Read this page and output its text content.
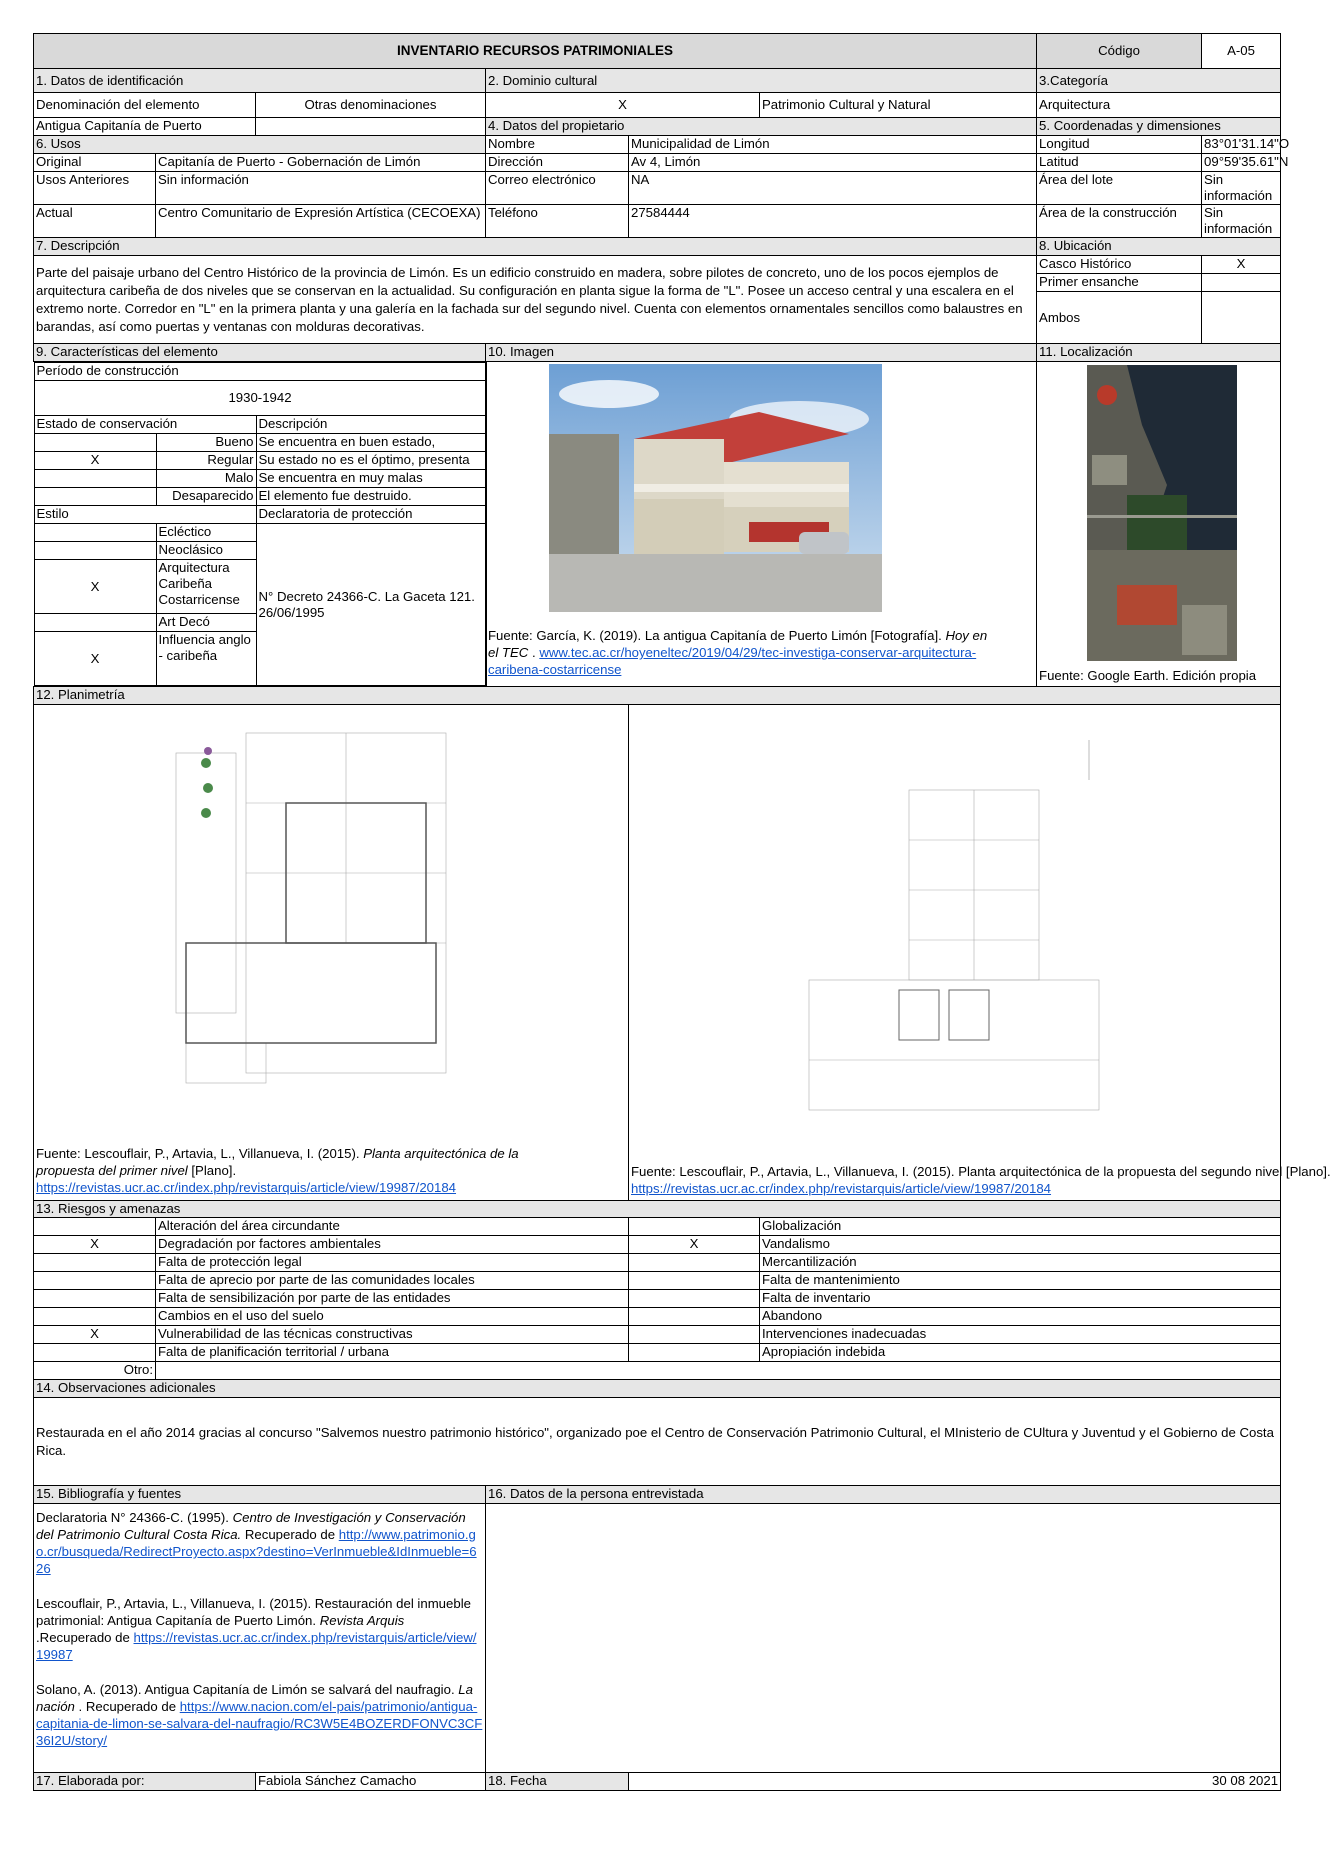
INVENTARIO RECURSOS PATRIMONIALES	Código	A-05
1. Datos de identificación	2. Dominio cultural	3.Categoría
Denominación del elemento	Otras denominaciones	X	Patrimonio Cultural y Natural	Arquitectura
Antigua Capitanía de Puerto		4. Datos del propietario	5. Coordenadas y dimensiones
6. Usos	Nombre	Municipalidad de Limón	Longitud	83°01'31.14"O
Original	Capitanía de Puerto - Gobernación de Limón	Dirección	Av 4, Limón	Latitud	09°59'35.61"N
Usos Anteriores	Sin información	Correo electrónico	NA	Área del lote	Sin información
Actual	Centro Comunitario de Expresión Artística (CECOEXA)	Teléfono	27584444	Área de la construcción	Sin información
7. Descripción	8. Ubicación
Parte del paisaje urbano del Centro Histórico de la provincia de Limón. Es un edificio construido en madera, sobre pilotes de concreto, uno de los pocos ejemplos de arquitectura caribeña de dos niveles que se conservan en la actualidad. Su configuración en planta sigue la forma de "L". Posee un acceso central y una escalera en el extremo norte. Corredor en "L" en la primera planta y una galería en la fachada sur del segundo nivel. Cuenta con elementos ornamentales sencillos como balaustres en barandas, así como puertas y ventanas con molduras decorativas.	Casco Histórico	X
Primer ensanche	
Ambos	
9. Características del elemento	10. Imagen	11. Localización

Período de construcción
1930-1942
Estado de conservación	Descripción
	Bueno	Se encuentra en buen estado,
X	Regular	Su estado no es el óptimo, presenta
	Malo	Se encuentra en muy malas
	Desaparecido	El elemento fue destruido.
Estilo	Declaratoria de protección
	Ecléctico	N° Decreto 24366-C. La Gaceta 121. 26/06/1995
	Neoclásico
X	Arquitectura Caribeña Costarricense
	Art Decó
X	Influencia anglo - caribeña

Fuente: García, K. (2019). La antigua Capitanía de Puerto Limón [Fotografía]. Hoy en el TEC . www.tec.ac.cr/hoyeneltec/2019/04/29/tec-investiga-conservar-arquitectura-caribena-costarricense	Fuente: Google Earth. Edición propia

12. Planimetría

Fuente: Lescouflair, P., Artavia, L., Villanueva, I. (2015). Planta arquitectónica de la propuesta del primer nivel [Plano].
https://revistas.ucr.ac.cr/index.php/revistarquis/article/view/19987/20184

Fuente: Lescouflair, P., Artavia, L., Villanueva, I. (2015). Planta arquitectónica de la propuesta del segundo nivel [Plano]. https://revistas.ucr.ac.cr/index.php/revistarquis/article/view/19987/20184

13. Riesgos y amenazas
	Alteración del área circundante		Globalización
X	Degradación por factores ambientales	X	Vandalismo
	Falta de protección legal		Mercantilización
	Falta de aprecio por parte de las comunidades locales		Falta de mantenimiento
	Falta de sensibilización por parte de las entidades		Falta de inventario
	Cambios en el uso del suelo		Abandono
X	Vulnerabilidad de las técnicas constructivas		Intervenciones inadecuadas
	Falta de planificación territorial / urbana		Apropiación indebida
Otro:	
14. Observaciones adicionales
Restaurada en el año 2014 gracias al concurso "Salvemos nuestro patrimonio histórico", organizado poe el Centro de Conservación Patrimonio Cultural, el MInisterio de CUltura y Juventud y el Gobierno de Costa Rica.
15. Bibliografía y fuentes	16. Datos de la persona entrevistada

Declaratoria N° 24366-C. (1995). Centro de Investigación y Conservación del Patrimonio Cultural Costa Rica. Recuperado de http://www.patrimonio.go.cr/busqueda/RedirectProyecto.aspx?destino=VerInmueble&IdInmueble=626

Lescouflair, P., Artavia, L., Villanueva, I. (2015). Restauración del inmueble patrimonial: Antigua Capitanía de Puerto Limón. Revista Arquis .Recuperado de https://revistas.ucr.ac.cr/index.php/revistarquis/article/view/19987

Solano, A. (2013). Antigua Capitanía de Limón se salvará del naufragio. La nación . Recuperado de https://www.nacion.com/el-pais/patrimonio/antigua-capitania-de-limon-se-salvara-del-naufragio/RC3W5E4BOZERDFONVC3CF36I2U/story/

17. Elaborada por:	Fabiola Sánchez Camacho	18. Fecha	30 08 2021
